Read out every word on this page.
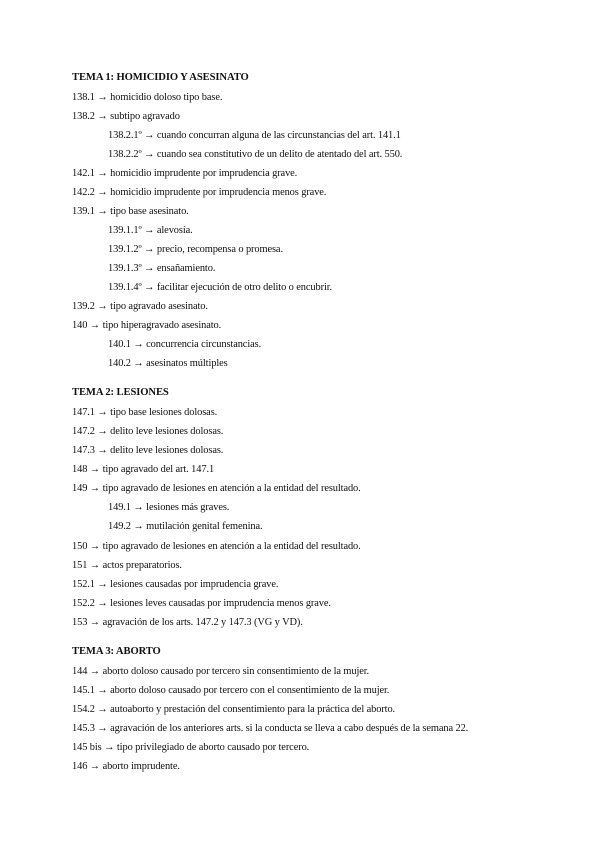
TEMA 1: HOMICIDIO Y ASESINATO
138.1 → homicidio doloso tipo base.
138.2 → subtipo agravado
138.2.1º → cuando concurran alguna de las circunstancias del art. 141.1
138.2.2º → cuando sea constitutivo de un delito de atentado del art. 550.
142.1 → homicidio imprudente por imprudencia grave.
142.2 → homicidio imprudente por imprudencia menos grave.
139.1 → tipo base asesinato.
139.1.1º → alevosía.
139.1.2º → precio, recompensa o promesa.
139.1.3º → ensañamiento.
139.1.4º → facilitar ejecución de otro delito o encubrir.
139.2 → tipo agravado asesinato.
140 → tipo hiperagravado asesinato.
140.1 → concurrencia circunstancias.
140.2 → asesinatos múltiples
TEMA 2: LESIONES
147.1 → tipo base lesiones dolosas.
147.2 → delito leve lesiones dolosas.
147.3 → delito leve lesiones dolosas.
148 → tipo agravado del art. 147.1
149 → tipo agravado de lesiones en atención a la entidad del resultado.
149.1 → lesiones más graves.
149.2 → mutilación genital femenina.
150 → tipo agravado de lesiones en atención a la entidad del resultado.
151 → actos preparatorios.
152.1 → lesiones causadas por imprudencia grave.
152.2 → lesiones leves causadas por imprudencia menos grave.
153 → agravación de los arts. 147.2 y 147.3 (VG y VD).
TEMA 3: ABORTO
144 → aborto doloso causado por tercero sin consentimiento de la mujer.
145.1 → aborto doloso causado por tercero con el consentimiento de la mujer.
154.2 → autoaborto y prestación del consentimiento para la práctica del aborto.
145.3 → agravación de los anteriores arts. si la conducta se lleva a cabo después de la semana 22.
145 bis → tipo privilegiado de aborto causado por tercero.
146 → aborto imprudente.
